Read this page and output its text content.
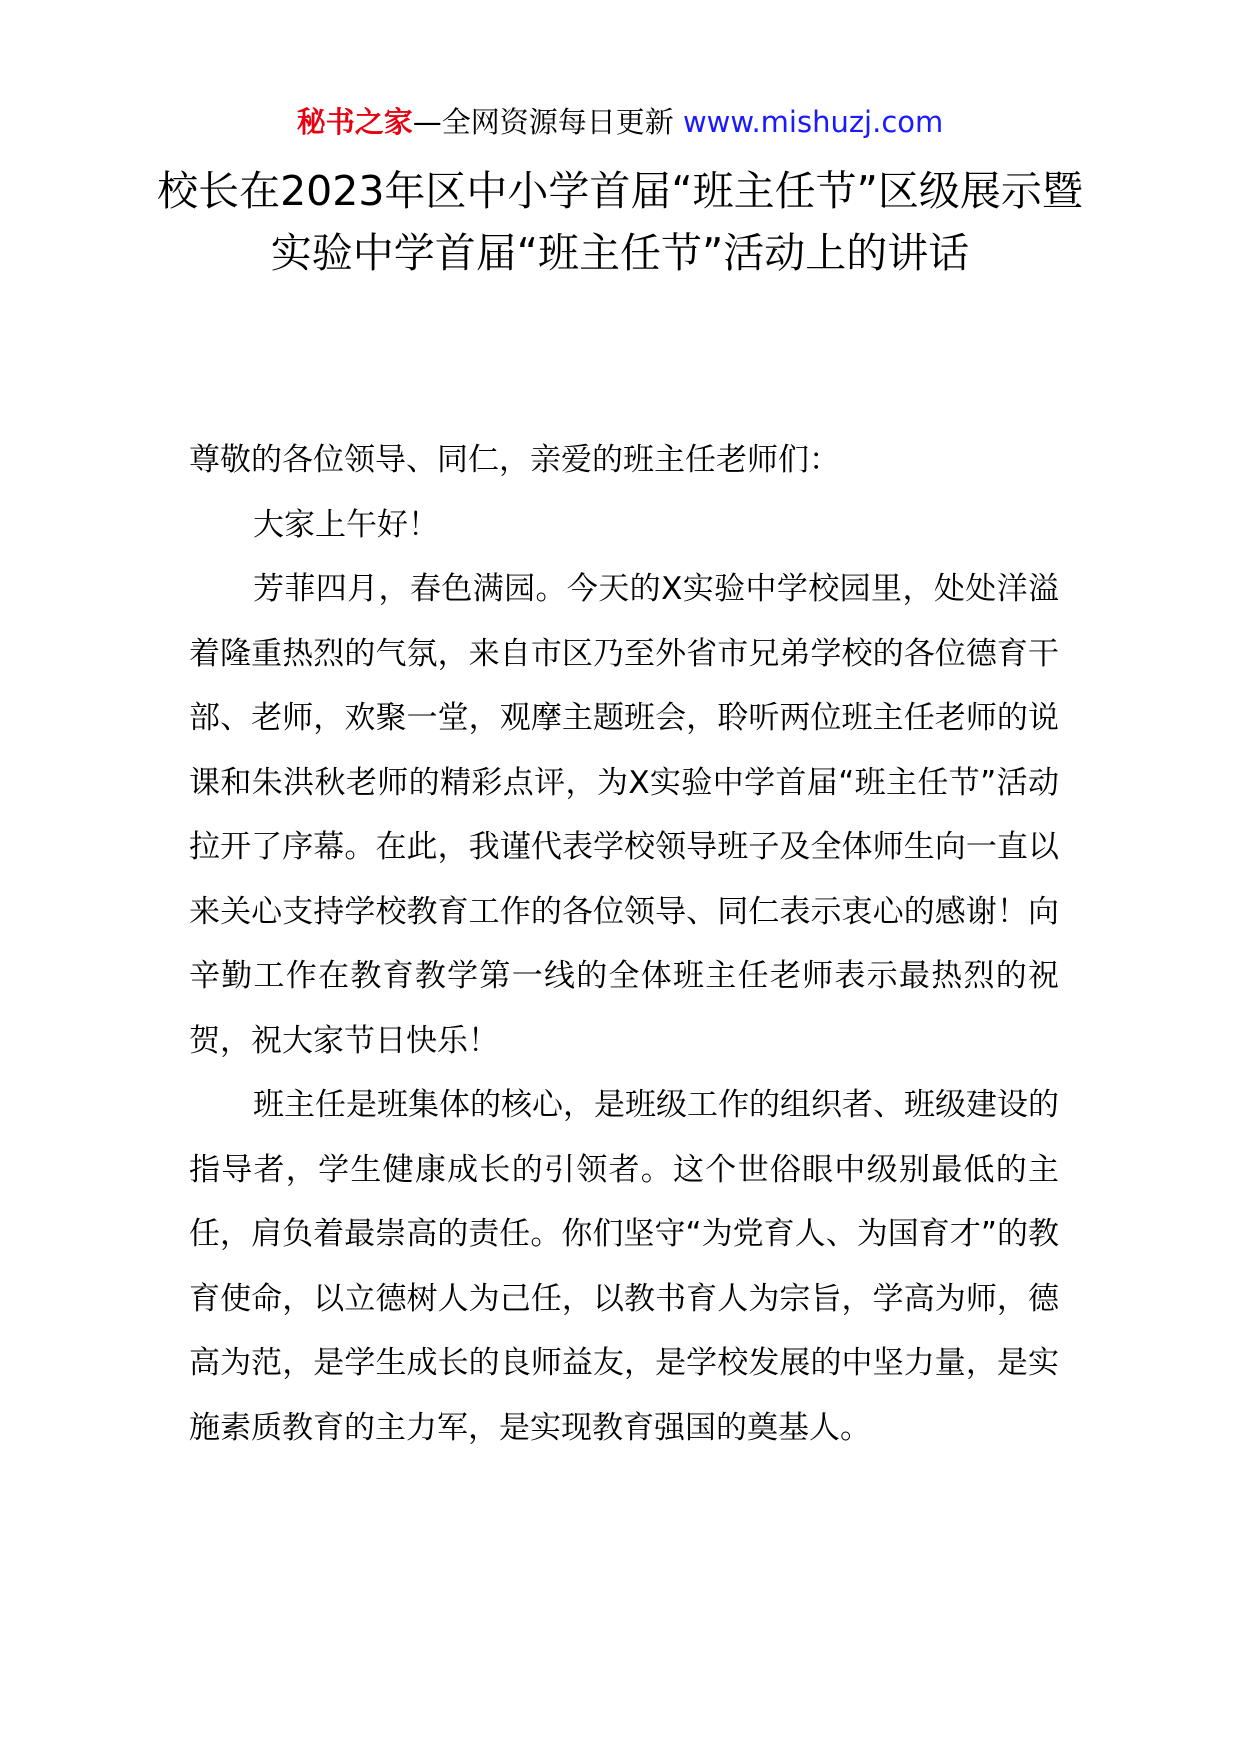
秘书之家—全网资源每日更新 www.mishuzj.com
校长在2023年区中小学首届“班主任节”区级展示暨实验中学首届“班主任节”活动上的讲话

尊敬的各位领导、同仁，亲爱的班主任老师们：

大家上午好！

芳菲四月，春色满园。今天的X实验中学校园里，处处洋溢着隆重热烈的气氛，来自市区乃至外省市兄弟学校的各位德育干部、老师，欢聚一堂，观摩主题班会，聆听两位班主任老师的说课和朱洪秋老师的精彩点评，为X实验中学首届“班主任节”活动拉开了序幕。在此，我谨代表学校领导班子及全体师生向一直以来关心支持学校教育工作的各位领导、同仁表示衷心的感谢！向辛勤工作在教育教学第一线的全体班主任老师表示最热烈的祝贺，祝大家节日快乐！

班主任是班集体的核心，是班级工作的组织者、班级建设的指导者，学生健康成长的引领者。这个世俗眼中级别最低的主任，肩负着最崇高的责任。你们坚守“为党育人、为国育才”的教育使命，以立德树人为己任，以教书育人为宗旨，学高为师，德高为范，是学生成长的良师益友，是学校发展的中坚力量，是实施素质教育的主力军，是实现教育强国的奠基人。
